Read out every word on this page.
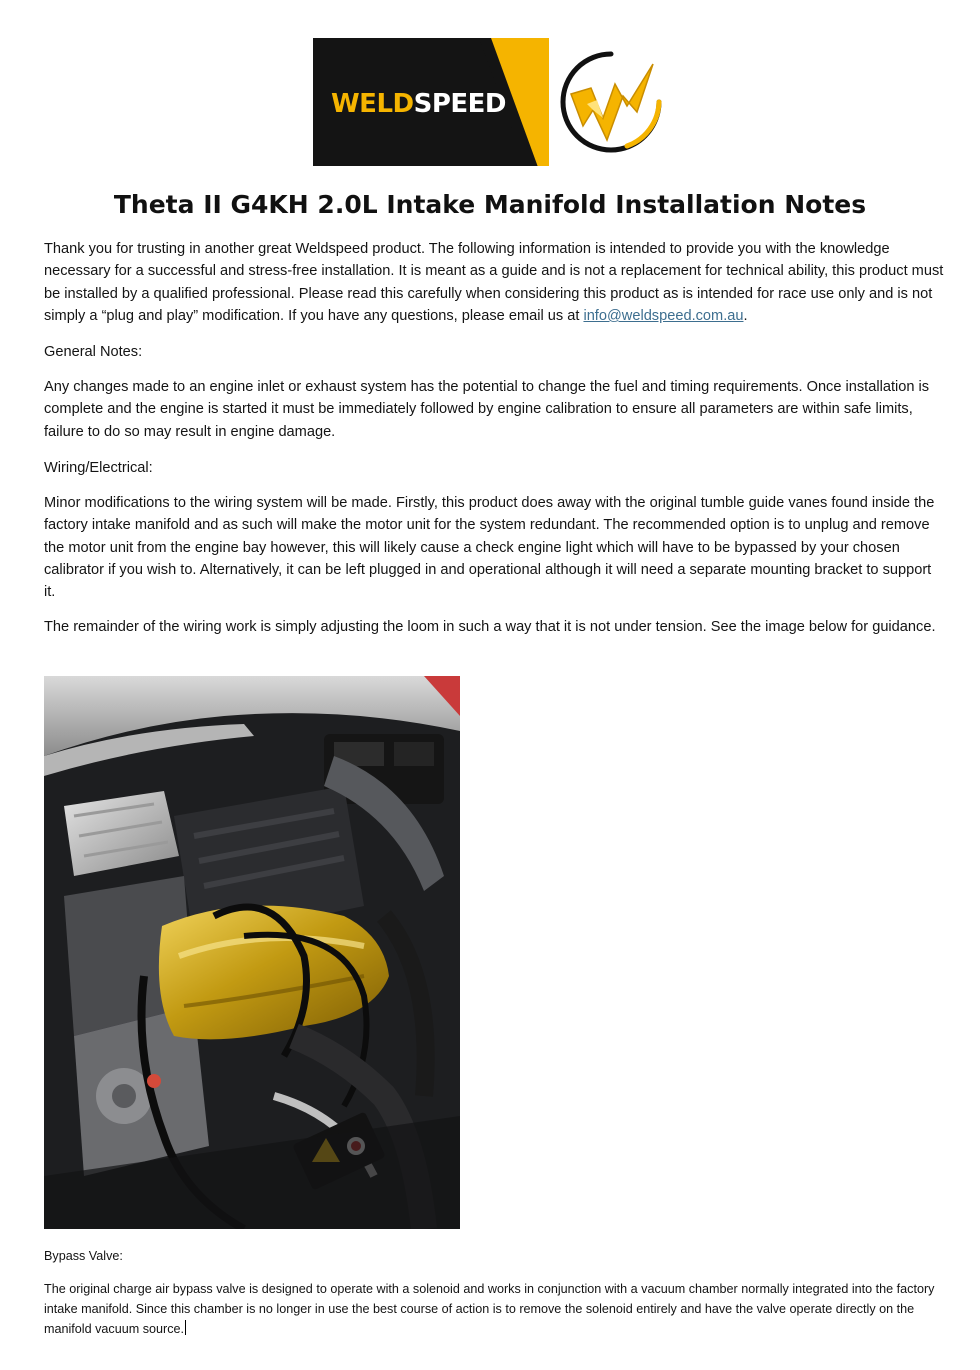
WELDSPEED
Theta II G4KH 2.0L Intake Manifold Installation Notes

Thank you for trusting in another great Weldspeed product. The following information is intended to provide you with the knowledge necessary for a successful and stress-free installation. It is meant as a guide and is not a replacement for technical ability, this product must be installed by a qualified professional. Please read this carefully when considering this product as is intended for race use only and is not simply a “plug and play” modification. If you have any questions, please email us at info@weldspeed.com.au.

General Notes:

Any changes made to an engine inlet or exhaust system has the potential to change the fuel and timing requirements. Once installation is complete and the engine is started it must be immediately followed by engine calibration to ensure all parameters are within safe limits, failure to do so may result in engine damage.

Wiring/Electrical:

Minor modifications to the wiring system will be made. Firstly, this product does away with the original tumble guide vanes found inside the factory intake manifold and as such will make the motor unit for the system redundant. The recommended option is to unplug and remove the motor unit from the engine bay however, this will likely cause a check engine light which will have to be bypassed by your chosen calibrator if you wish to. Alternatively, it can be left plugged in and operational although it will need a separate mounting bracket to support it.

The remainder of the wiring work is simply adjusting the loom in such a way that it is not under tension. See the image below for guidance.

Bypass Valve:

The original charge air bypass valve is designed to operate with a solenoid and works in conjunction with a vacuum chamber normally integrated into the factory intake manifold. Since this chamber is no longer in use the best course of action is to remove the solenoid entirely and have the valve operate directly on the manifold vacuum source.
